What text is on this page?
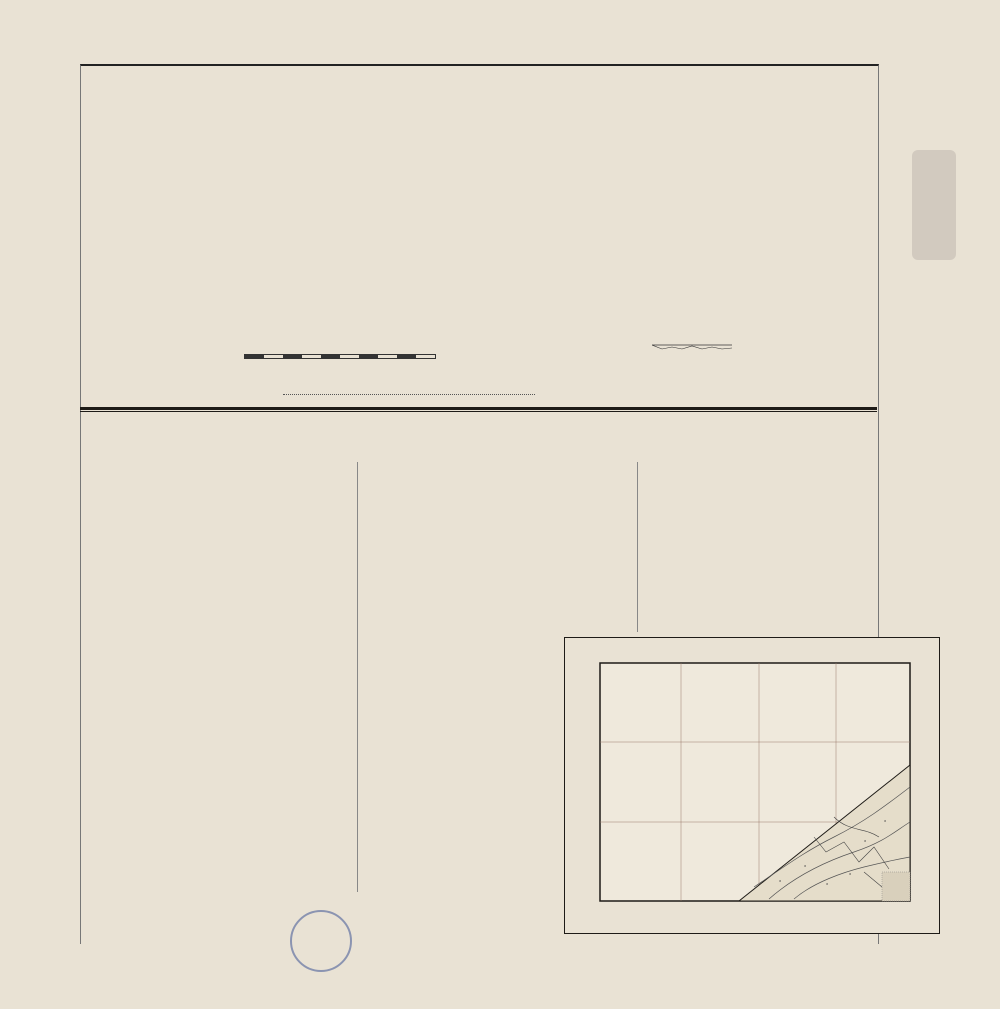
ɑ
ɑ
ɑ
ɑ
ɑ
ɑ
